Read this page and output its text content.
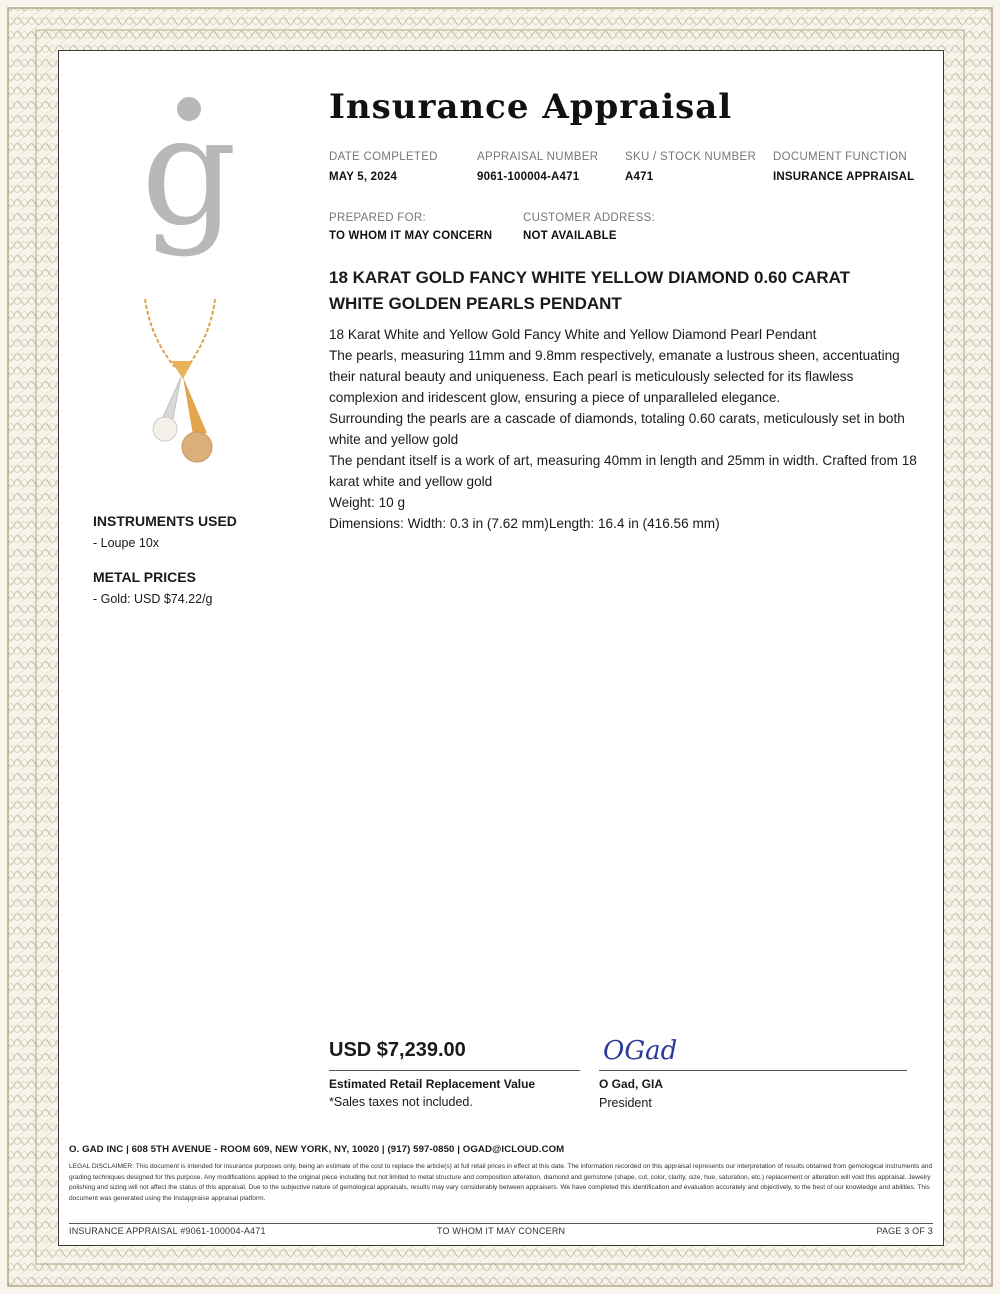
g	Insurance Appraisal
DATE COMPLETED
MAY 5, 2024
APPRAISAL NUMBER
9061-100004-A471
SKU / STOCK NUMBER
A471
DOCUMENT FUNCTION
INSURANCE APPRAISAL
PREPARED FOR:
TO WHOM IT MAY CONCERN
CUSTOMER ADDRESS:
NOT AVAILABLE
18 KARAT GOLD FANCY WHITE YELLOW DIAMOND 0.60 CARAT
WHITE GOLDEN PEARLS PENDANT

18 Karat White and Yellow Gold Fancy White and Yellow Diamond Pearl Pendant

The pearls, measuring 11mm and 9.8mm respectively, emanate a lustrous sheen, accentuating their natural beauty and uniqueness. Each pearl is meticulously selected for its flawless complexion and iridescent glow, ensuring a piece of unparalleled elegance.

Surrounding the pearls are a cascade of diamonds, totaling 0.60 carats, meticulously set in both white and yellow gold

The pendant itself is a work of art, measuring 40mm in length and 25mm in width. Crafted from 18 karat white and yellow gold

Weight: 10 g

Dimensions: Width: 0.3 in (7.62 mm)Length: 16.4 in (416.56 mm)

INSTRUMENTS USED
- Loupe 10x
METAL PRICES
- Gold: USD $74.22/g
USD $7,239.00
Estimated Retail Replacement Value
*Sales taxes not included.
OGad
O Gad, GIA
President
O. GAD INC | 608 5TH AVENUE - ROOM 609, NEW YORK, NY, 10020 | (917) 597-0850 | OGAD@ICLOUD.COM
LEGAL DISCLAIMER: This document is intended for insurance purposes only, being an estimate of the cost to replace the article(s) at full retail prices in effect at this date. The information recorded on this appraisal represents our interpretation of results obtained from gemological instruments and grading techniques designed for this purpose. Any modifications applied to the original piece including but not limited to metal structure and composition alteration, diamond and gemstone (shape, cut, color, clarity, size, hue, saturation, etc.) replacement or alteration will void this appraisal. Jewelry polishing and sizing will not affect the status of this appraisal. Due to the subjective nature of gemological appraisals, results may vary considerably between appraisers. We have completed this identification and evaluation accurately and objectively, to the best of our knowledge and abilities. This document was generated using the Instappraise appraisal platform.
INSURANCE APPRAISAL #9061-100004-A471	TO WHOM IT MAY CONCERN	PAGE 3 OF 3
